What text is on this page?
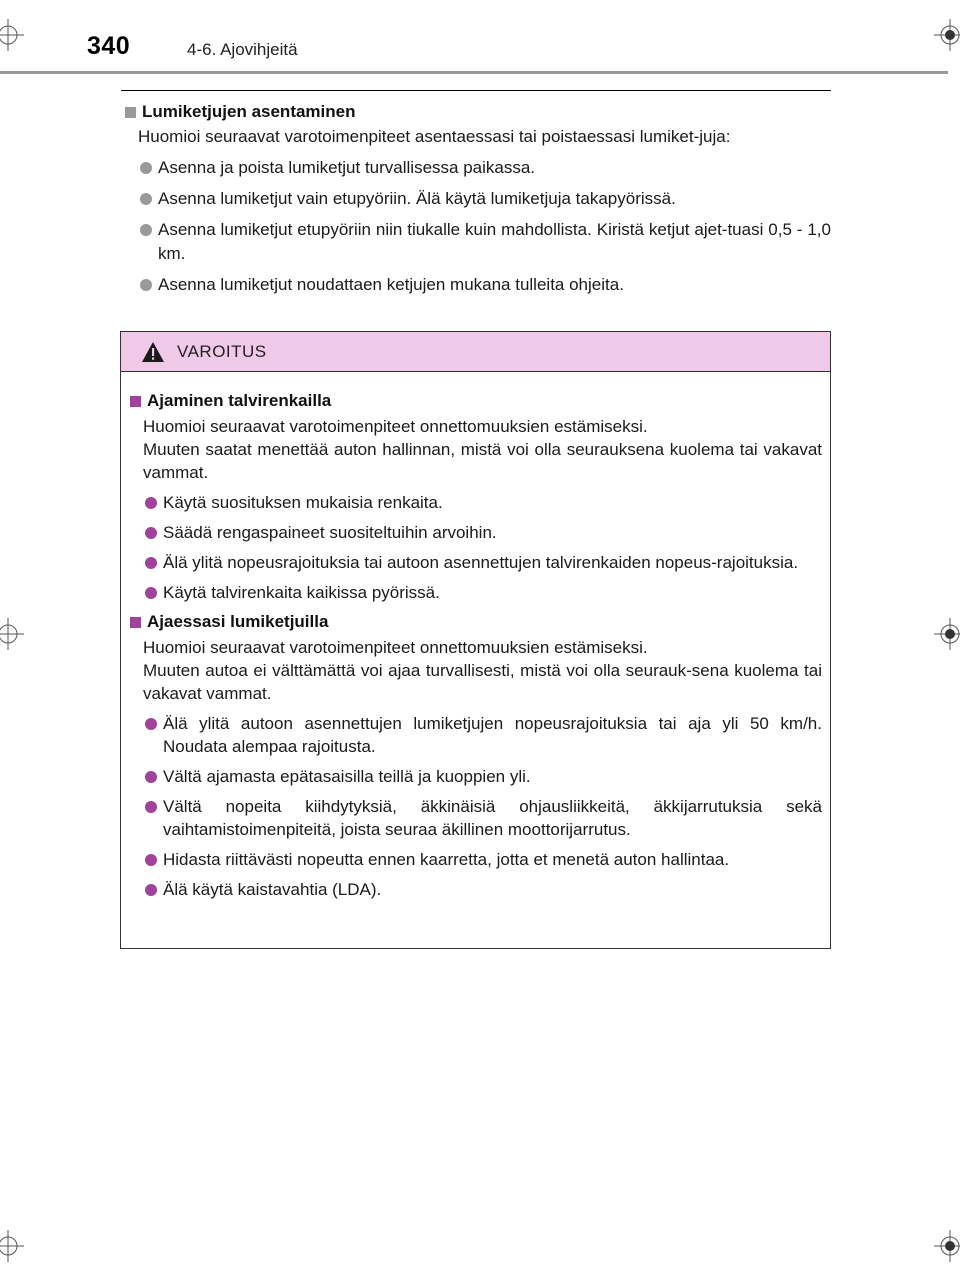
340	4-6. Ajovihjeitä
Lumiketjujen asentaminen

Huomioi seuraavat varotoimenpiteet asentaessasi tai poistaessasi lumiket-juja:

Asenna ja poista lumiketjut turvallisessa paikassa.
Asenna lumiketjut vain etupyöriin. Älä käytä lumiketjuja takapyörissä.
Asenna lumiketjut etupyöriin niin tiukalle kuin mahdollista. Kiristä ketjut ajet-tuasi 0,5 - 1,0 km.
Asenna lumiketjut noudattaen ketjujen mukana tulleita ohjeita.
VAROITUS
Ajaminen talvirenkailla

Huomioi seuraavat varotoimenpiteet onnettomuuksien estämiseksi.
Muuten saatat menettää auton hallinnan, mistä voi olla seurauksena kuolema tai vakavat vammat.

Käytä suosituksen mukaisia renkaita.
Säädä rengaspaineet suositeltuihin arvoihin.
Älä ylitä nopeusrajoituksia tai autoon asennettujen talvirenkaiden nopeus-rajoituksia.
Käytä talvirenkaita kaikissa pyörissä.
Ajaessasi lumiketjuilla

Huomioi seuraavat varotoimenpiteet onnettomuuksien estämiseksi.
Muuten autoa ei välttämättä voi ajaa turvallisesti, mistä voi olla seurauk-sena kuolema tai vakavat vammat.

Älä ylitä autoon asennettujen lumiketjujen nopeusrajoituksia tai aja yli 50 km/h. Noudata alempaa rajoitusta.
Vältä ajamasta epätasaisilla teillä ja kuoppien yli.
Vältä nopeita kiihdytyksiä, äkkinäisiä ohjausliikkeitä, äkkijarrutuksia sekä vaihtamistoimenpiteitä, joista seuraa äkillinen moottorijarrutus.
Hidasta riittävästi nopeutta ennen kaarretta, jotta et menetä auton hallintaa.
Älä käytä kaistavahtia (LDA).
